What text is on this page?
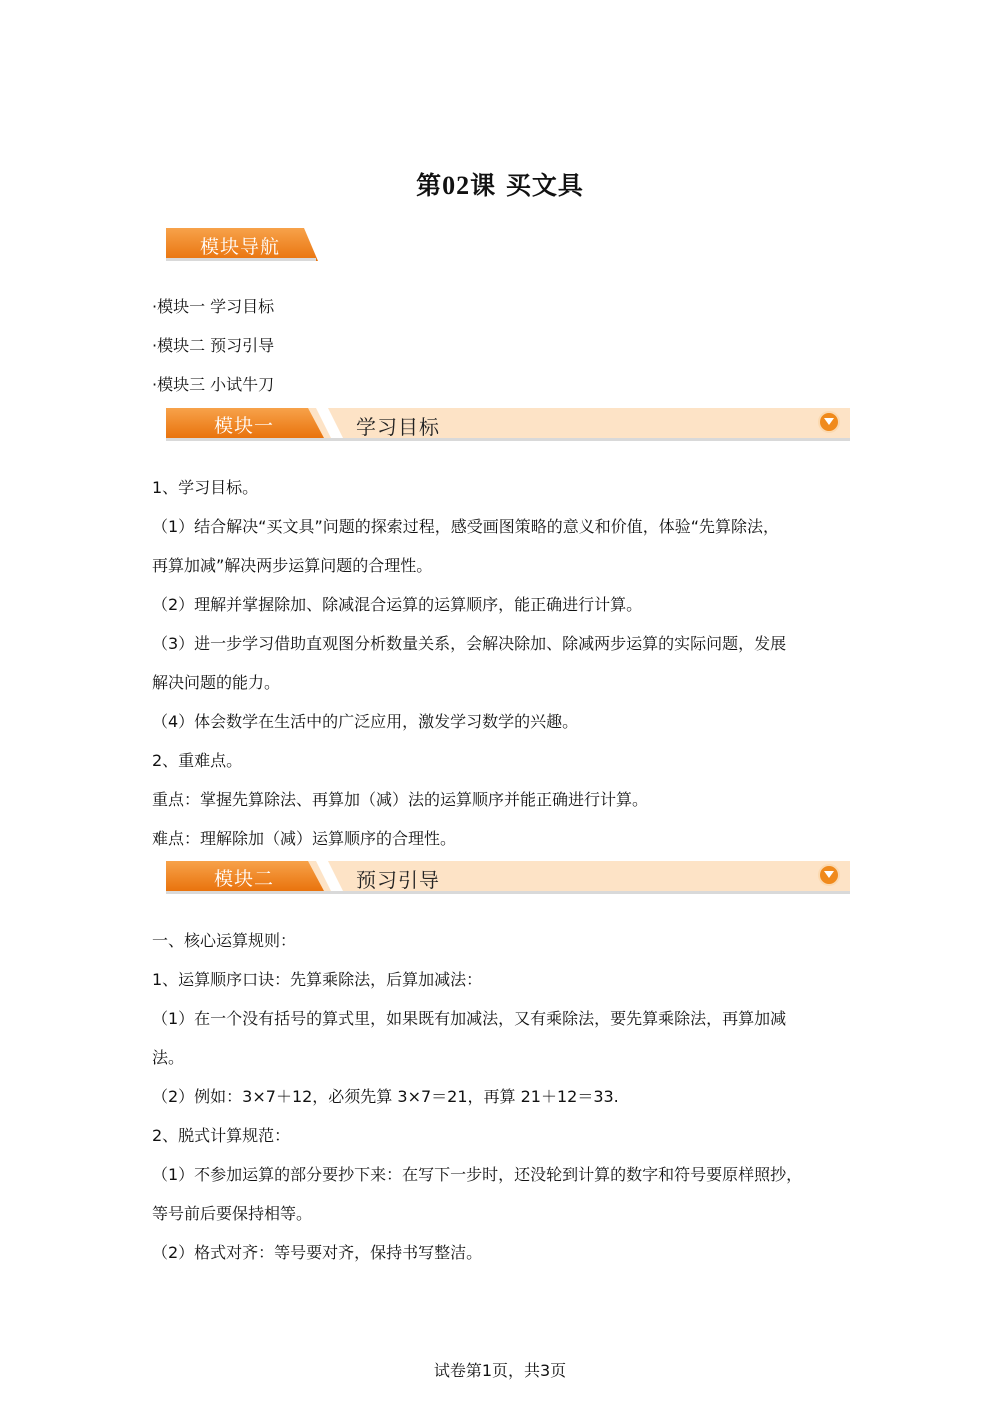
第02课 买文具
模块导航
·模块一 学习目标
·模块二 预习引导
·模块三 小试牛刀
模块一	学习目标
1、学习目标。
（1）结合解决“买文具”问题的探索过程，感受画图策略的意义和价值，体验“先算除法，
再算加减”解决两步运算问题的合理性。
（2）理解并掌握除加、除减混合运算的运算顺序，能正确进行计算。
（3）进一步学习借助直观图分析数量关系，会解决除加、除减两步运算的实际问题，发展
解决问题的能力。
（4）体会数学在生活中的广泛应用，激发学习数学的兴趣。
2、重难点。
重点：掌握先算除法、再算加（减）法的运算顺序并能正确进行计算。
难点：理解除加（减）运算顺序的合理性。
模块二	预习引导
一、核心运算规则：
1、运算顺序口诀：先算乘除法，后算加减法：
（1）在一个没有括号的算式里，如果既有加减法，又有乘除法，要先算乘除法，再算加减
法。
（2）例如：3×7＋12，必须先算 3×7＝21，再算 21＋12＝33.
2、脱式计算规范：
（1）不参加运算的部分要抄下来：在写下一步时，还没轮到计算的数字和符号要原样照抄，
等号前后要保持相等。
（2）格式对齐：等号要对齐，保持书写整洁。
试卷第1页，共3页
